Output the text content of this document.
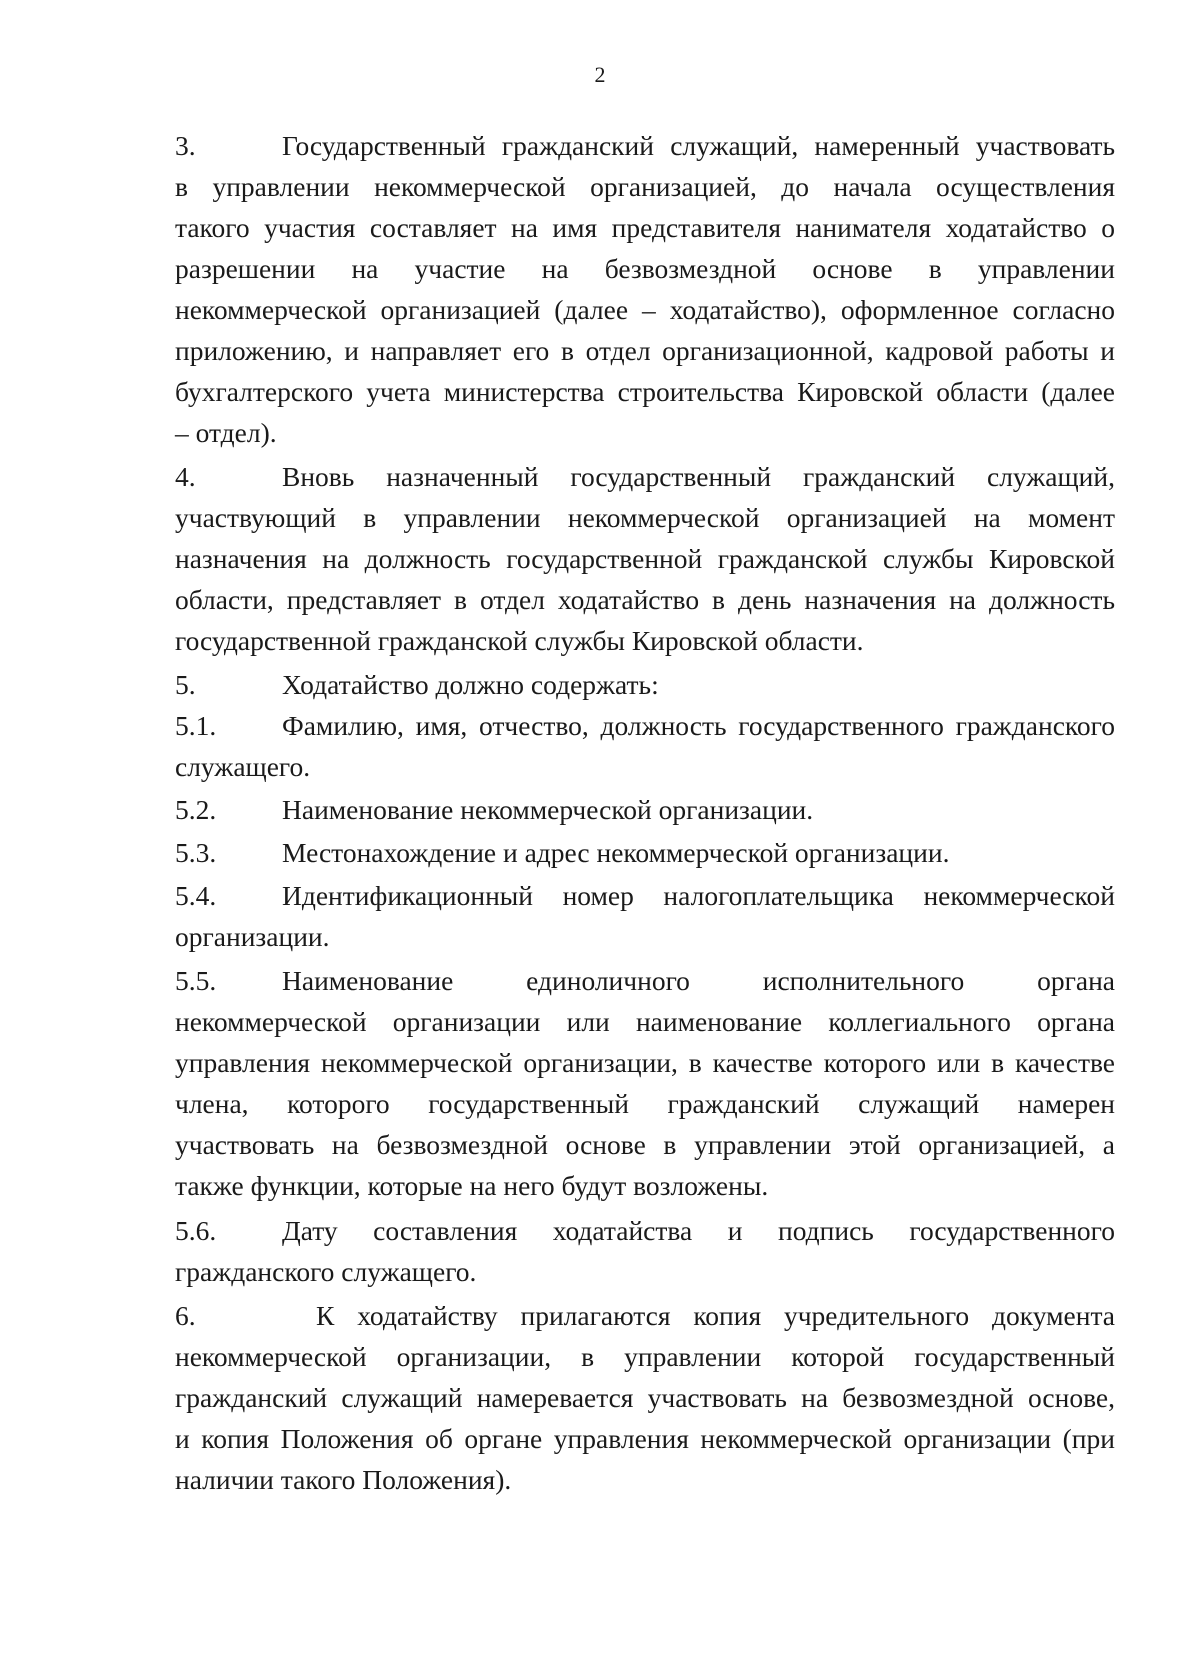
2
3.	Государственный гражданский служащий, намеренный участвовать
в управлении некоммерческой организацией, до начала осуществления
такого участия составляет на имя представителя нанимателя ходатайство о
разрешении на участие на безвозмездной основе в управлении
некоммерческой организацией (далее – ходатайство), оформленное согласно
приложению, и направляет его в отдел организационной, кадровой работы и
бухгалтерского учета министерства строительства Кировской области (далее
– отдел).
4.	Вновь назначенный государственный гражданский служащий,
участвующий в управлении некоммерческой организацией на момент
назначения на должность государственной гражданской службы Кировской
области, представляет в отдел ходатайство в день назначения на должность
государственной гражданской службы Кировской области.
5.	Ходатайство должно содержать:
5.1. Фамилию, имя, отчество, должность государственного гражданского
служащего.
5.2. Наименование некоммерческой организации.
5.3. Местонахождение и адрес некоммерческой организации.
5.4. Идентификационный номер налогоплательщика некоммерческой
организации.
5.5. Наименование единоличного исполнительного органа
некоммерческой организации или наименование коллегиального органа
управления некоммерческой организации, в качестве которого или в качестве
члена, которого государственный гражданский служащий намерен
участвовать на безвозмездной основе в управлении этой организацией, а
также функции, которые на него будут возложены.
5.6. Дату составления ходатайства и подпись государственного
гражданского служащего.
6.	К ходатайству прилагаются копия учредительного документа
некоммерческой организации, в управлении которой государственный
гражданский служащий намеревается участвовать на безвозмездной основе,
и копия Положения об органе управления некоммерческой организации (при
наличии такого Положения).
